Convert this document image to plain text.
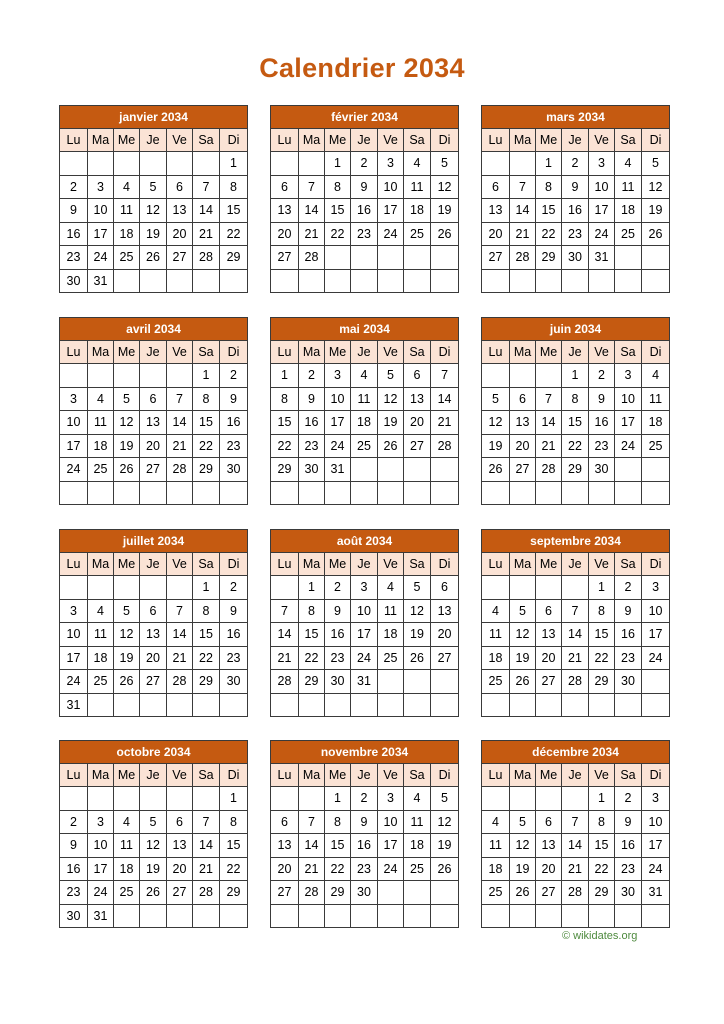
Calendrier 2034
janvier 2034						
Lu	Ma	Me	Je	Ve	Sa	Di
						1
2	3	4	5	6	7	8
9	10	11	12	13	14	15
16	17	18	19	20	21	22
23	24	25	26	27	28	29
30	31					
février 2034						
Lu	Ma	Me	Je	Ve	Sa	Di
		1	2	3	4	5
6	7	8	9	10	11	12
13	14	15	16	17	18	19
20	21	22	23	24	25	26
27	28					

mars 2034						
Lu	Ma	Me	Je	Ve	Sa	Di
		1	2	3	4	5
6	7	8	9	10	11	12
13	14	15	16	17	18	19
20	21	22	23	24	25	26
27	28	29	30	31		

avril 2034						
Lu	Ma	Me	Je	Ve	Sa	Di
					1	2
3	4	5	6	7	8	9
10	11	12	13	14	15	16
17	18	19	20	21	22	23
24	25	26	27	28	29	30

mai 2034						
Lu	Ma	Me	Je	Ve	Sa	Di
1	2	3	4	5	6	7
8	9	10	11	12	13	14
15	16	17	18	19	20	21
22	23	24	25	26	27	28
29	30	31				

juin 2034						
Lu	Ma	Me	Je	Ve	Sa	Di
			1	2	3	4
5	6	7	8	9	10	11
12	13	14	15	16	17	18
19	20	21	22	23	24	25
26	27	28	29	30		

juillet 2034						
Lu	Ma	Me	Je	Ve	Sa	Di
					1	2
3	4	5	6	7	8	9
10	11	12	13	14	15	16
17	18	19	20	21	22	23
24	25	26	27	28	29	30
31						
août 2034						
Lu	Ma	Me	Je	Ve	Sa	Di
	1	2	3	4	5	6
7	8	9	10	11	12	13
14	15	16	17	18	19	20
21	22	23	24	25	26	27
28	29	30	31			

septembre 2034						
Lu	Ma	Me	Je	Ve	Sa	Di
				1	2	3
4	5	6	7	8	9	10
11	12	13	14	15	16	17
18	19	20	21	22	23	24
25	26	27	28	29	30	

octobre 2034						
Lu	Ma	Me	Je	Ve	Sa	Di
						1
2	3	4	5	6	7	8
9	10	11	12	13	14	15
16	17	18	19	20	21	22
23	24	25	26	27	28	29
30	31					
novembre 2034						
Lu	Ma	Me	Je	Ve	Sa	Di
		1	2	3	4	5
6	7	8	9	10	11	12
13	14	15	16	17	18	19
20	21	22	23	24	25	26
27	28	29	30			

décembre 2034						
Lu	Ma	Me	Je	Ve	Sa	Di
				1	2	3
4	5	6	7	8	9	10
11	12	13	14	15	16	17
18	19	20	21	22	23	24
25	26	27	28	29	30	31

© wikidates.org
